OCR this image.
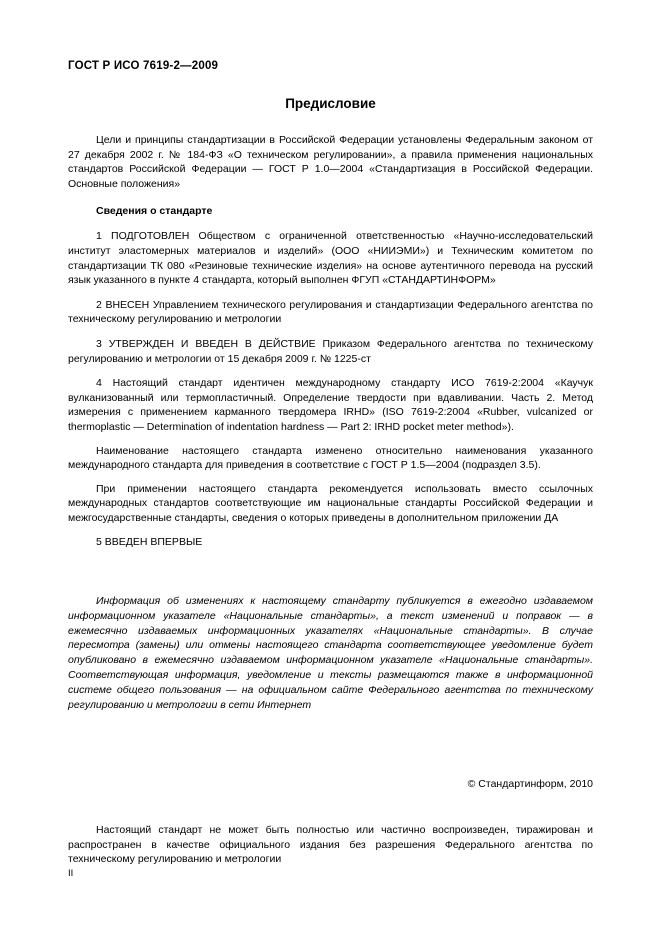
ГОСТ Р ИСО 7619-2—2009
Предисловие

Цели и принципы стандартизации в Российской Федерации установлены Федеральным законом от 27 декабря 2002 г. № 184-ФЗ «О техническом регулировании», а правила применения национальных стандартов Российской Федерации — ГОСТ Р 1.0—2004 «Стандартизация в Российской Федерации. Основные положения»

Сведения о стандарте

1 ПОДГОТОВЛЕН Обществом с ограниченной ответственностью «Научно-исследовательский институт эластомерных материалов и изделий» (ООО «НИИЭМИ») и Техническим комитетом по стандартизации ТК 080 «Резиновые технические изделия» на основе аутентичного перевода на русский язык указанного в пункте 4 стандарта, который выполнен ФГУП «СТАНДАРТИНФОРМ»

2 ВНЕСЕН Управлением технического регулирования и стандартизации Федерального агентства по техническому регулированию и метрологии

3 УТВЕРЖДЕН И ВВЕДЕН В ДЕЙСТВИЕ Приказом Федерального агентства по техническому регулированию и метрологии от 15 декабря 2009 г. № 1225-ст

4 Настоящий стандарт идентичен международному стандарту ИСО 7619-2:2004 «Каучук вулканизованный или термопластичный. Определение твердости при вдавливании. Часть 2. Метод измерения с применением карманного твердомера IRHD» (ISO 7619-2:2004 «Rubber, vulcanized or thermoplastic — Determination of indentation hardness — Part 2: IRHD pocket meter method»).

Наименование настоящего стандарта изменено относительно наименования указанного международного стандарта для приведения в соответствие с ГОСТ Р 1.5—2004 (подраздел 3.5).

При применении настоящего стандарта рекомендуется использовать вместо ссылочных международных стандартов соответствующие им национальные стандарты Российской Федерации и межгосударственные стандарты, сведения о которых приведены в дополнительном приложении ДА

5 ВВЕДЕН ВПЕРВЫЕ

Информация об изменениях к настоящему стандарту публикуется в ежегодно издаваемом информационном указателе «Национальные стандарты», а текст изменений и поправок — в ежемесячно издаваемых информационных указателях «Национальные стандарты». В случае пересмотра (замены) или отмены настоящего стандарта соответствующее уведомление будет опубликовано в ежемесячно издаваемом информационном указателе «Национальные стандарты». Соответствующая информация, уведомление и тексты размещаются также в информационной системе общего пользования — на официальном сайте Федерального агентства по техническому регулированию и метрологии в сети Интернет

© Стандартинформ, 2010

Настоящий стандарт не может быть полностью или частично воспроизведен, тиражирован и распространен в качестве официального издания без разрешения Федерального агентства по техническому регулированию и метрологии

II
